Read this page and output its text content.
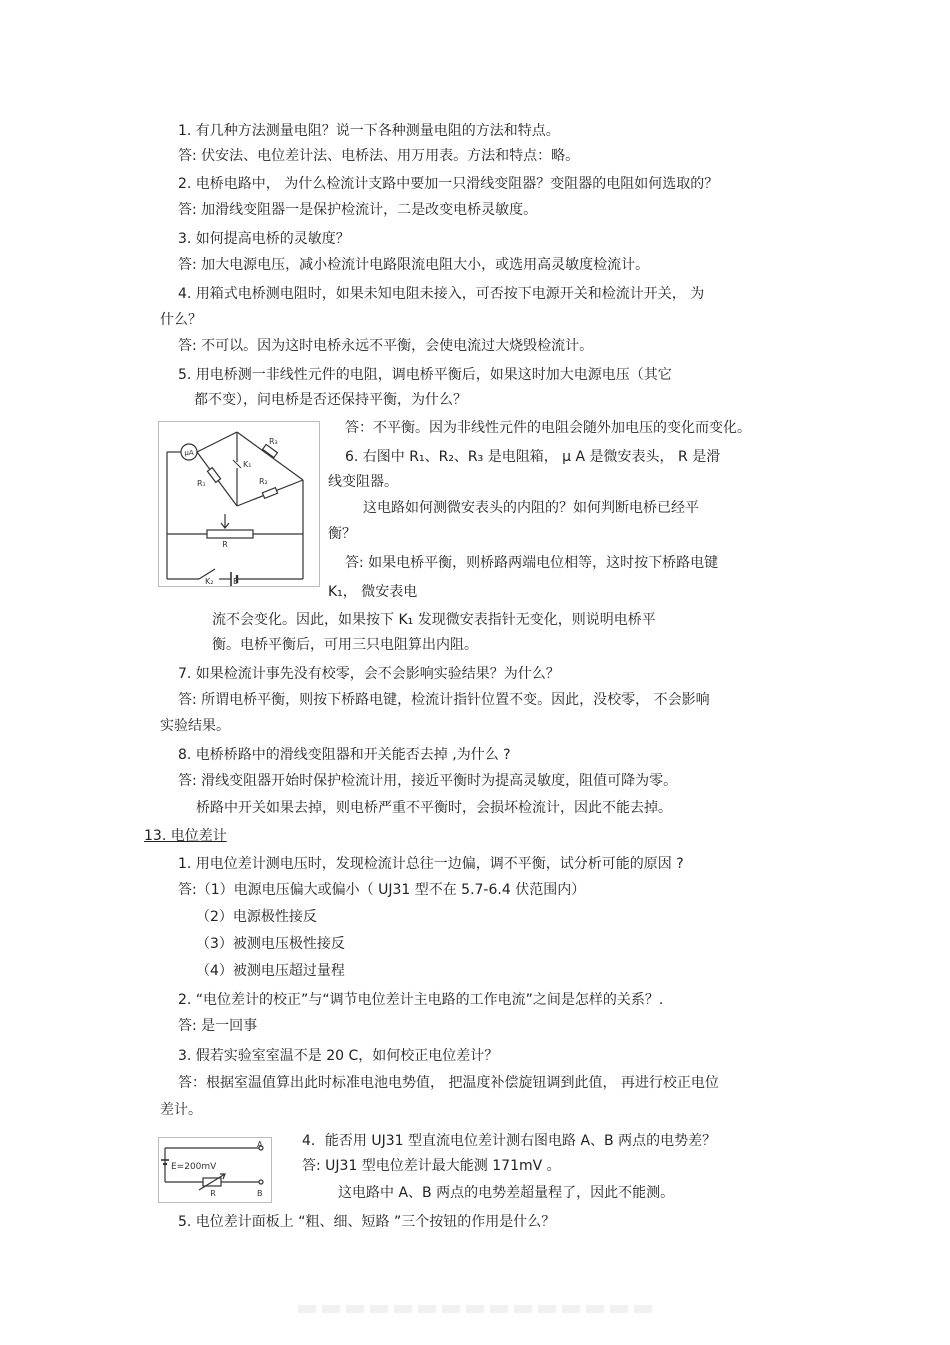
1. 有几种方法测量电阻？说一下各种测量电阻的方法和特点。
答: 伏安法、电位差计法、电桥法、用万用表。方法和特点：略。
2. 电桥电路中， 为什么检流计支路中要加一只滑线变阻器？变阻器的电阻如何选取的？
答: 加滑线变阻器一是保护检流计，二是改变电桥灵敏度。
3. 如何提高电桥的灵敏度？
答: 加大电源电压，减小检流计电路限流电阻大小，或选用高灵敏度检流计。
4. 用箱式电桥测电阻时，如果未知电阻未接入，可否按下电源开关和检流计开关， 为
什么？
答: 不可以。因为这时电桥永远不平衡，会使电流过大烧毁检流计。
5. 用电桥测一非线性元件的电阻，调电桥平衡后，如果这时加大电源电压（其它
都不变），问电桥是否还保持平衡，为什么？
答：不平衡。因为非线性元件的电阻会随外加电压的变化而变化。
6. 右图中 R₁、R₂、R₃ 是电阻箱， μ A 是微安表头， R 是滑
线变阻器。
这电路如何测微安表头的内阻的？如何判断电桥已经平
衡？
答: 如果电桥平衡，则桥路两端电位相等，这时按下桥路电键
K₁， 微安表电
流不会变化。因此，如果按下 K₁ 发现微安表指针无变化，则说明电桥平
衡。电桥平衡后，可用三只电阻算出内阻。
7. 如果检流计事先没有校零，会不会影响实验结果？为什么？
答: 所谓电桥平衡，则按下桥路电键，检流计指针位置不变。因此，没校零， 不会影响
实验结果。
8. 电桥桥路中的滑线变阻器和开关能否去掉 ,为什么 ?
答: 滑线变阻器开始时保护检流计用，接近平衡时为提高灵敏度，阻值可降为零。
桥路中开关如果去掉，则电桥严重不平衡时，会损坏检流计，因此不能去掉。
13. 电位差计
1. 用电位差计测电压时，发现检流计总往一边偏，调不平衡，试分析可能的原因 ?
答:（1）电源电压偏大或偏小（ UJ31 型不在 5.7-6.4 伏范围内）
（2）电源极性接反
（3）被测电压极性接反
（4）被测电压超过量程
2. “电位差计的校正”与“调节电位差计主电路的工作电流”之间是怎样的关系？.
答: 是一回事
3. 假若实验室室温不是 20 C，如何校正电位差计？
答：根据室温值算出此时标准电池电势值， 把温度补偿旋钮调到此值， 再进行校正电位
差计。
4．能否用 UJ31 型直流电位差计测右图电路 A、B 两点的电势差？
答: UJ31 型电位差计最大能测 171mV 。
这电路中 A、B 两点的电势差超量程了，因此不能测。
5. 电位差计面板上 “粗、细、短路 ”三个按钮的作用是什么？
μA
K₁
R₁
R₃
R₂
R
K₂ E
A
E=200mV
R	B
